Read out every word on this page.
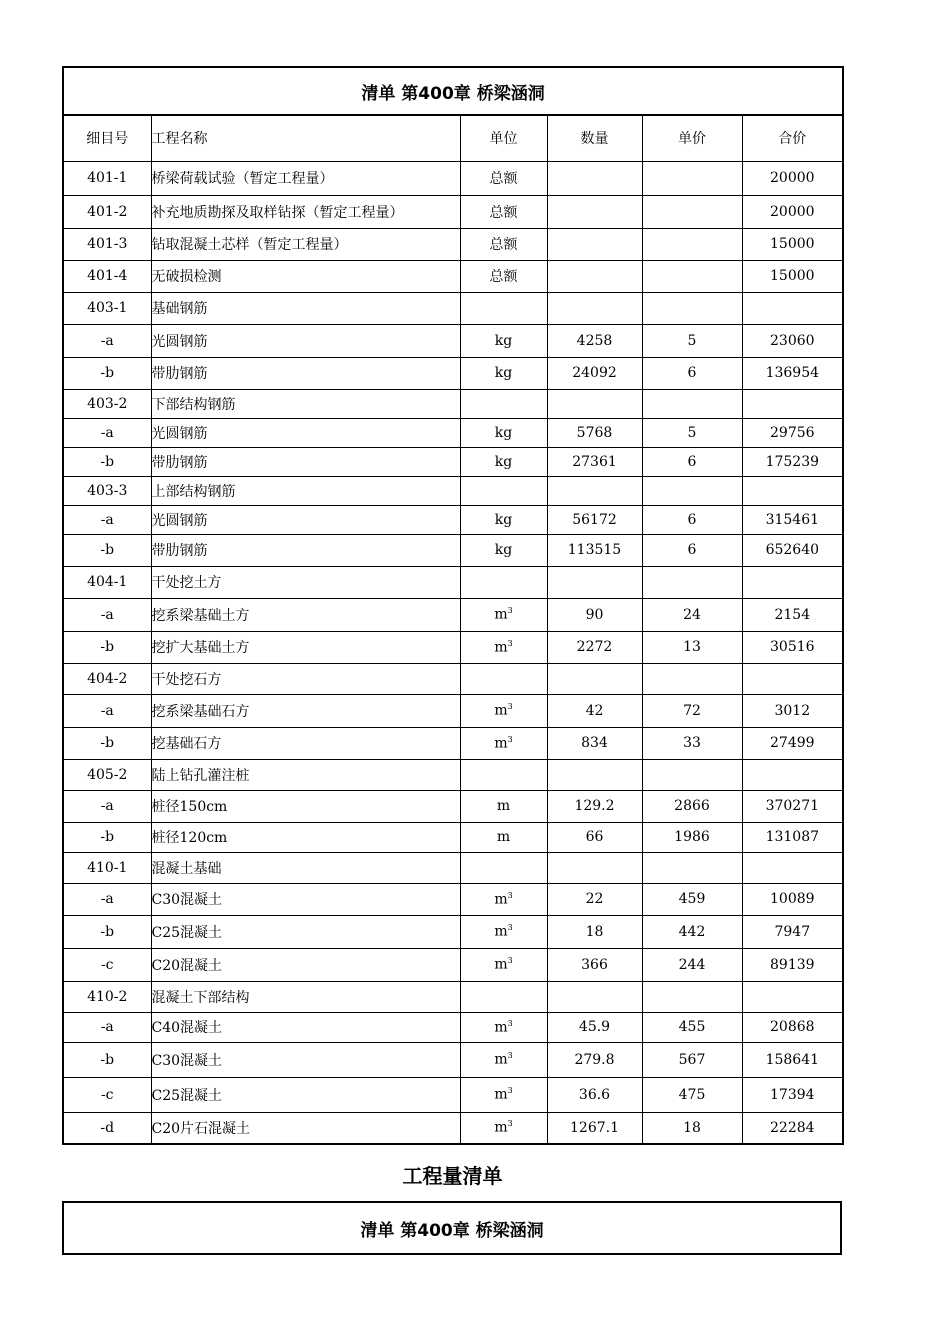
清单 第400章 桥梁涵洞					
细目号	工程名称	单位	数量	单价	合价
401-1	桥梁荷载试验（暂定工程量）	总额			20000
401-2	补充地质勘探及取样钻探（暂定工程量）	总额			20000
401-3	钻取混凝土芯样（暂定工程量）	总额			15000
401-4	无破损检测	总额			15000
403-1	基础钢筋				
-a	光圆钢筋	kg	4258	5	23060
-b	带肋钢筋	kg	24092	6	136954
403-2	下部结构钢筋				
-a	光圆钢筋	kg	5768	5	29756
-b	带肋钢筋	kg	27361	6	175239
403-3	上部结构钢筋				
-a	光圆钢筋	kg	56172	6	315461
-b	带肋钢筋	kg	113515	6	652640
404-1	干处挖土方				
-a	挖系梁基础土方	$m^3$	90	24	2154
-b	挖扩大基础土方	$m^3$	2272	13	30516
404-2	干处挖石方				
-a	挖系梁基础石方	$m^3$	42	72	3012
-b	挖基础石方	$m^3$	834	33	27499
405-2	陆上钻孔灌注桩				
-a	桩径150cm	m	129.2	2866	370271
-b	桩径120cm	m	66	1986	131087
410-1	混凝土基础				
-a	C30混凝土	$m^3$	22	459	10089
-b	C25混凝土	$m^3$	18	442	7947
-c	C20混凝土	$m^3$	366	244	89139
410-2	混凝土下部结构				
-a	C40混凝土	$m^3$	45.9	455	20868
-b	C30混凝土	$m^3$	279.8	567	158641
-c	C25混凝土	$m^3$	36.6	475	17394
-d	C20片石混凝土	$m^3$	1267.1	18	22284
工程量清单
清单 第400章 桥梁涵洞
